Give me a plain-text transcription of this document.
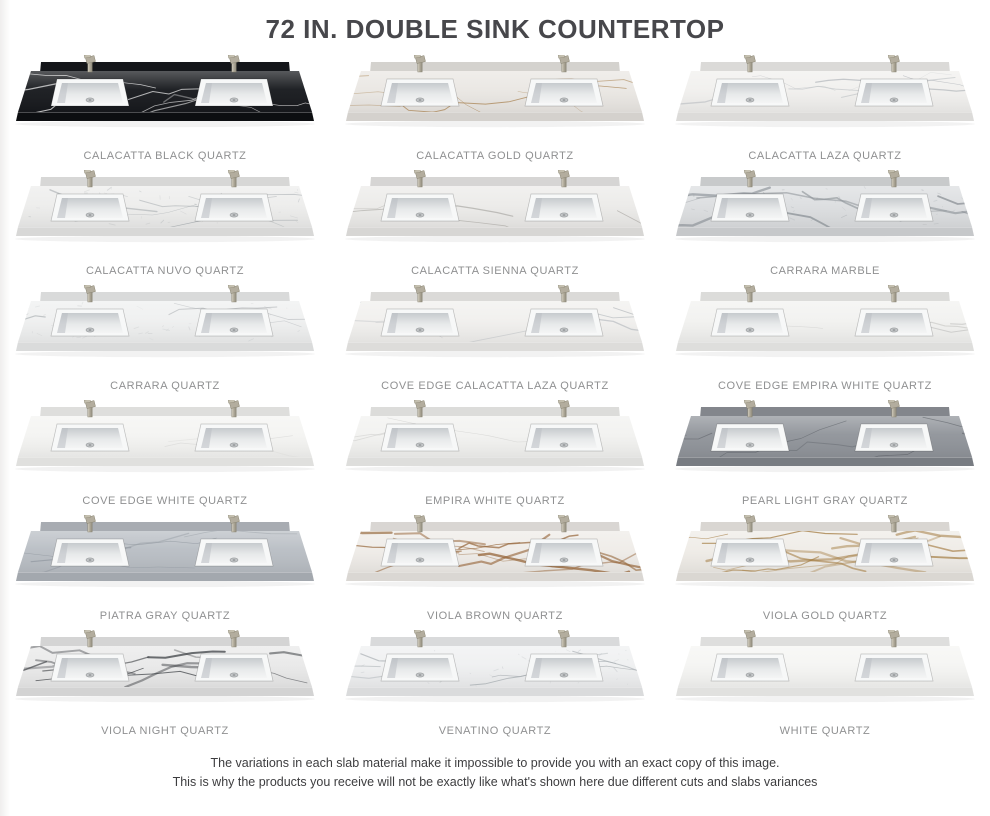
72 IN. DOUBLE SINK COUNTERTOP
CALACATTA BLACK QUARTZ	CALACATTA GOLD QUARTZ	CALACATTA LAZA QUARTZ
CALACATTA NUVO QUARTZ	CALACATTA SIENNA QUARTZ	CARRARA MARBLE
CARRARA QUARTZ	COVE EDGE CALACATTA LAZA QUARTZ	COVE EDGE EMPIRA WHITE QUARTZ
COVE EDGE WHITE QUARTZ	EMPIRA WHITE QUARTZ	PEARL LIGHT GRAY QUARTZ
PIATRA GRAY QUARTZ	VIOLA BROWN QUARTZ	VIOLA GOLD QUARTZ
VIOLA NIGHT QUARTZ	VENATINO QUARTZ	WHITE QUARTZ
The variations in each slab material make it impossible to provide you with an exact copy of this image.
This is why the products you receive will not be exactly like what's shown here due different cuts and slabs variances
